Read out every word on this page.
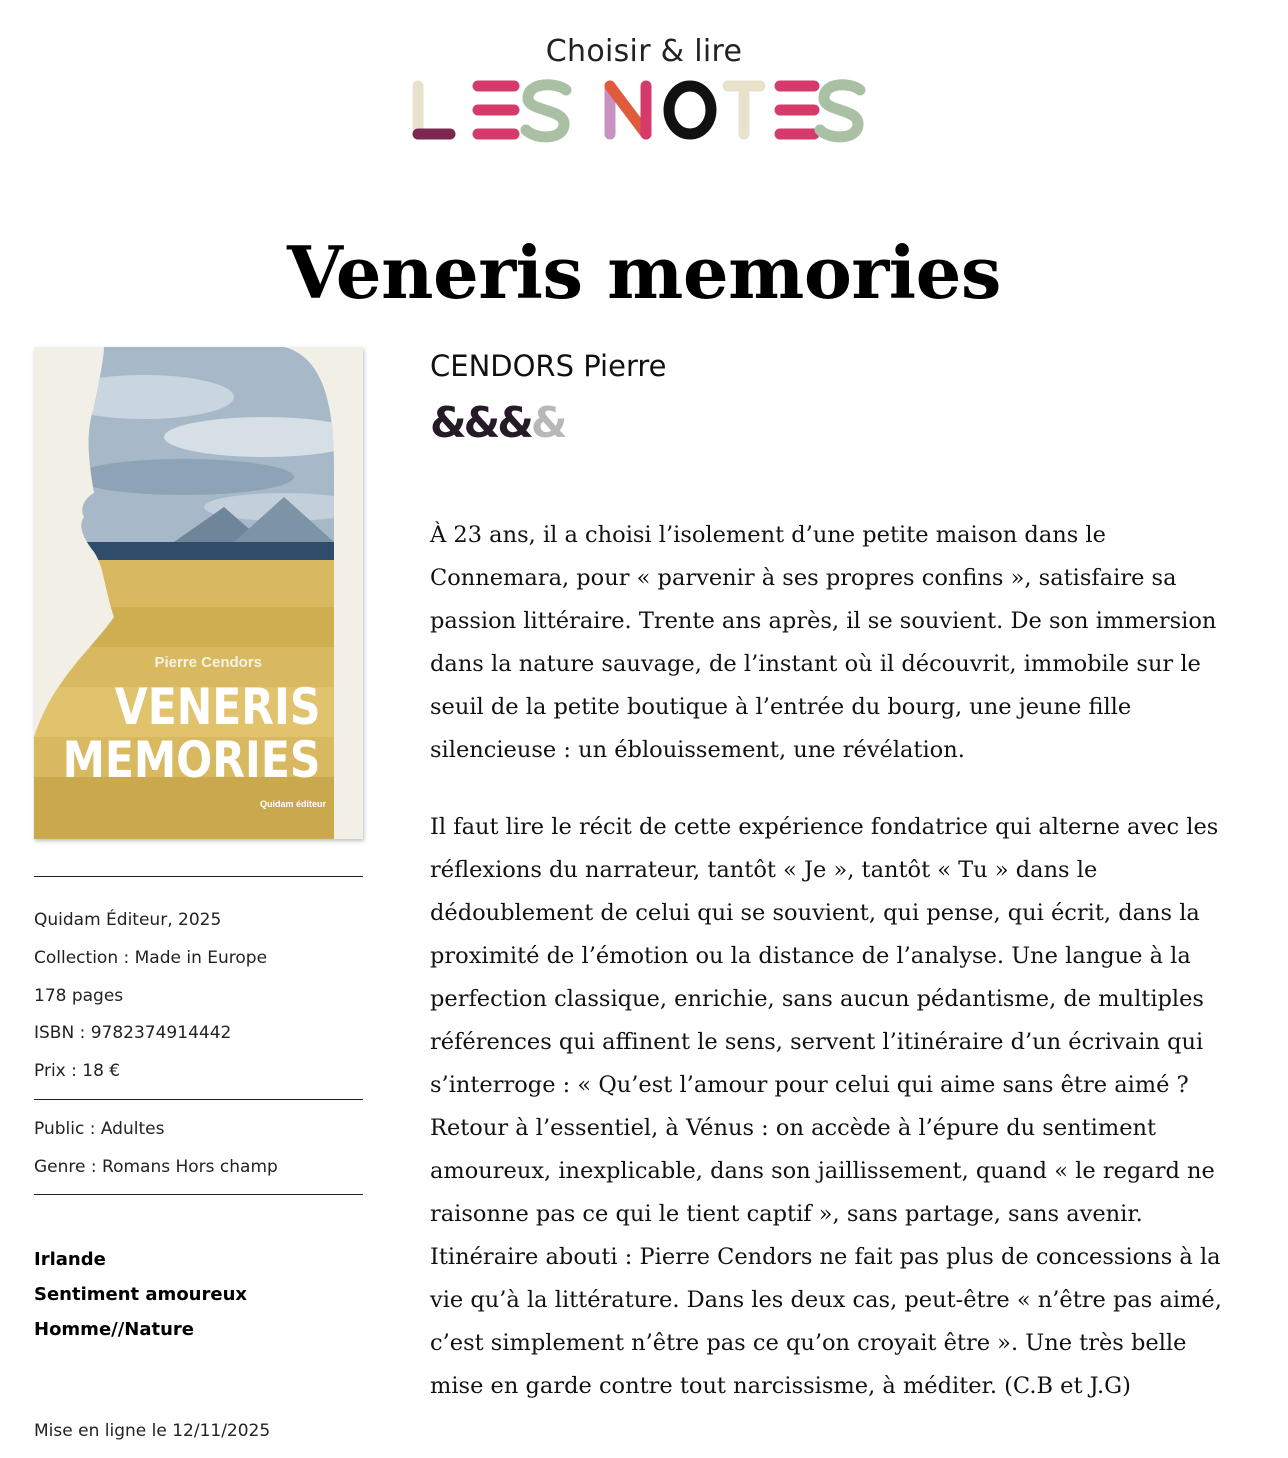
Choisir & lire
Veneris memories
Pierre Cendors
VENERIS
MEMORIES
Quidam éditeur
Quidam Éditeur, 2025
Collection : Made in Europe
178 pages
ISBN : 9782374914442
Prix : 18 €
Public : Adultes
Genre : Romans Hors champ
Irlande
Sentiment amoureux
Homme//Nature
Mise en ligne le 12/11/2025
CENDORS Pierre
&&&&

À 23 ans, il a choisi l’isolement d’une petite maison dans le Connemara, pour « parvenir à ses propres confins », satisfaire sa passion littéraire. Trente ans après, il se souvient. De son immersion dans la nature sauvage, de l’instant où il découvrit, immobile sur le seuil de la petite boutique à l’entrée du bourg, une jeune fille silencieuse : un éblouissement, une révélation.

Il faut lire le récit de cette expérience fondatrice qui alterne avec les réflexions du narrateur, tantôt « Je », tantôt « Tu » dans le dédoublement de celui qui se souvient, qui pense, qui écrit, dans la proximité de l’émotion ou la distance de l’analyse. Une langue à la perfection classique, enrichie, sans aucun pédantisme, de multiples références qui affinent le sens, servent l’itinéraire d’un écrivain qui s’interroge : « Qu’est l’amour pour celui qui aime sans être aimé ? Retour à l’essentiel, à Vénus : on accède à l’épure du sentiment amoureux, inexplicable, dans son jaillissement, quand « le regard ne raisonne pas ce qui le tient captif », sans partage, sans avenir. Itinéraire abouti : Pierre Cendors ne fait pas plus de concessions à la vie qu’à la littérature. Dans les deux cas, peut-être « n’être pas aimé, c’est simplement n’être pas ce qu’on croyait être ». Une très belle mise en garde contre tout narcissisme, à méditer. (C.B et J.G)
